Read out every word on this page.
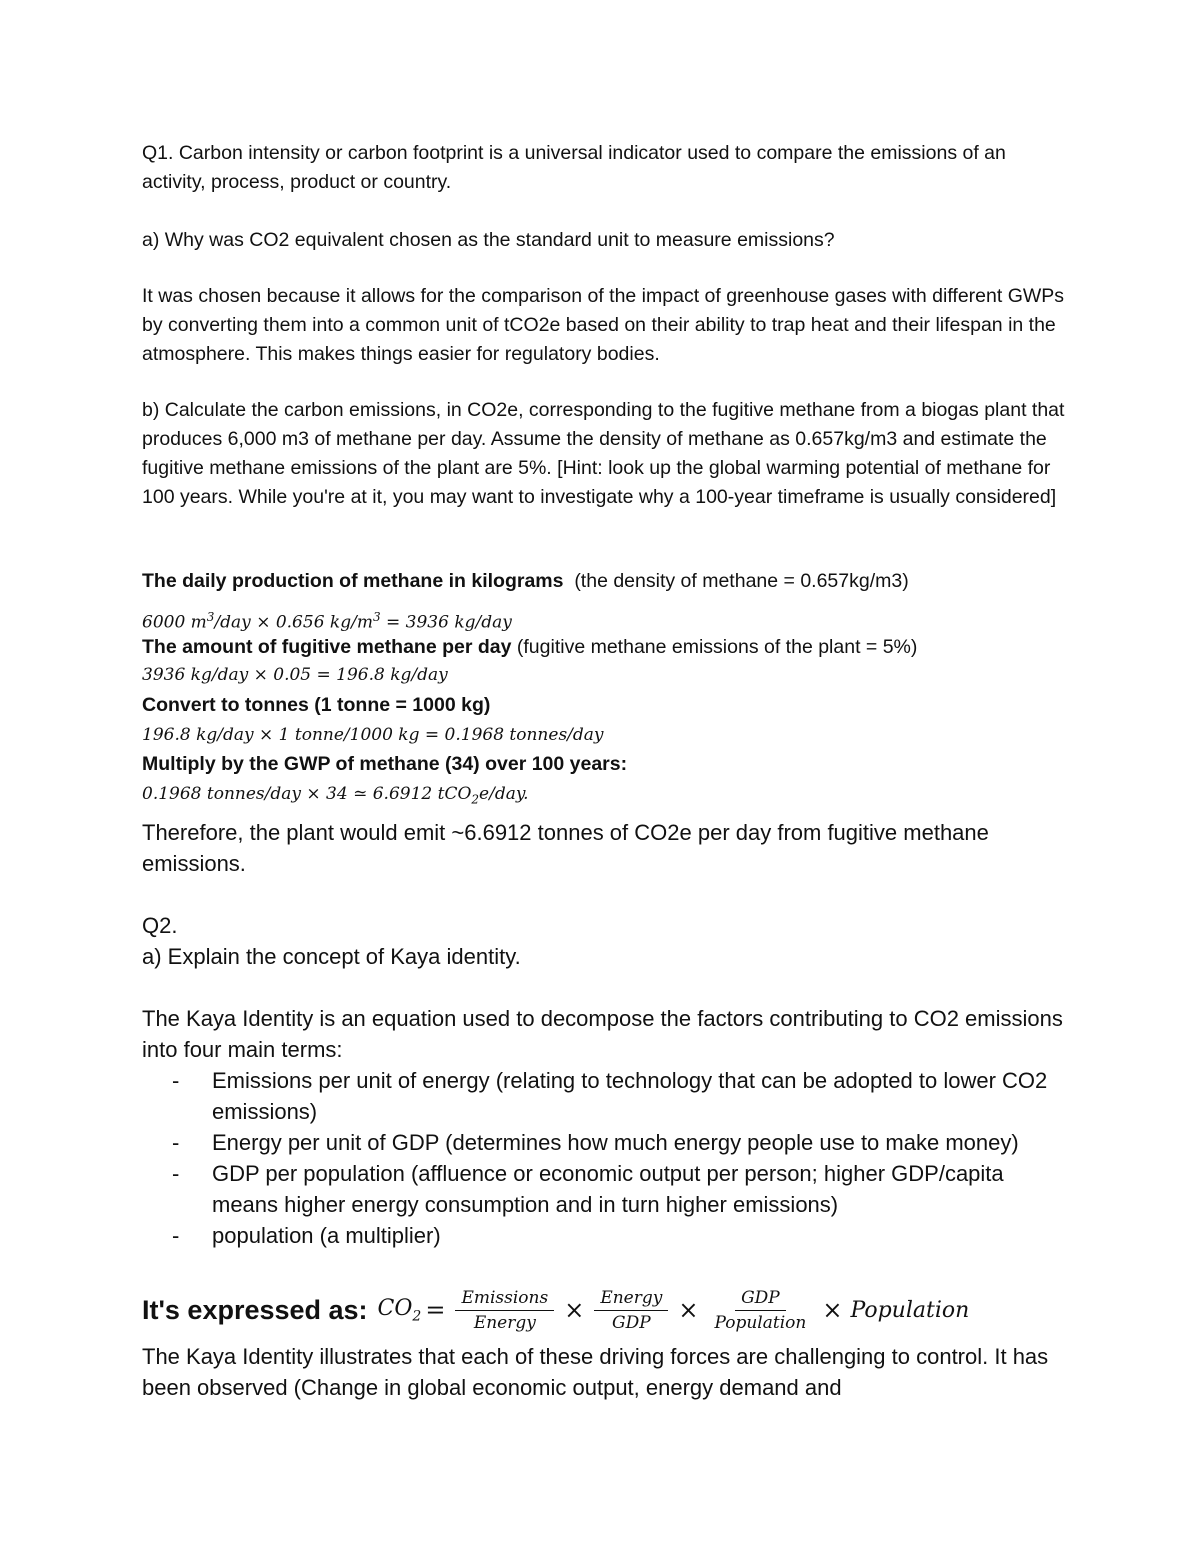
Q1. Carbon intensity or carbon footprint is a universal indicator used to compare the emissions of an activity, process, product or country.
a) Why was CO2 equivalent chosen as the standard unit to measure emissions?
It was chosen because it allows for the comparison of the impact of greenhouse gases with different GWPs by converting them into a common unit of tCO2e based on their ability to trap heat and their lifespan in the atmosphere. This makes things easier for regulatory bodies.
b) Calculate the carbon emissions, in CO2e, corresponding to the fugitive methane from a biogas plant that produces 6,000 m3 of methane per day. Assume the density of methane as 0.657kg/m3 and estimate the fugitive methane emissions of the plant are 5%. [Hint: look up the global warming potential of methane for 100 years. While you're at it, you may want to investigate why a 100-year timeframe is usually considered]
The daily production of methane in kilograms (the density of methane = 0.657kg/m3)
6000 $m^3$/day × 0.656 $kg/m^3 = 3936$ kg/day
The amount of fugitive methane per day (fugitive methane emissions of the plant = 5%)
3936 kg/day × 0.05 = 196.8 kg/day
Convert to tonnes (1 tonne = 1000 kg)
196.8 kg/day × 1 tonne/1000 kg = 0.1968 tonnes/day
Multiply by the GWP of methane (34) over 100 years:
0.1968 tonnes/day × 34 ≃ 6.6912 tCO$_2$e/day.
Therefore, the plant would emit ~6.6912 tonnes of CO2e per day from fugitive methane emissions.
Q2.
a) Explain the concept of Kaya identity.
The Kaya Identity is an equation used to decompose the factors contributing to CO2 emissions into four main terms:
- Emissions per unit of energy (relating to technology that can be adopted to lower CO2 emissions)
- Energy per unit of GDP (determines how much energy people use to make money)
- GDP per population (affluence or economic output per person; higher GDP/capita means higher energy consumption and in turn higher emissions)
- population (a multiplier)
It's expressed as: $CO_2 = \frac{\text{Emissions}}{\text{Energy}} \times \frac{\text{Energy}}{\text{GDP}} \times \frac{\text{GDP}}{\text{Population}}$ × Population
The Kaya Identity illustrates that each of these driving forces are challenging to control. It has been observed (Change in global economic output, energy demand and
